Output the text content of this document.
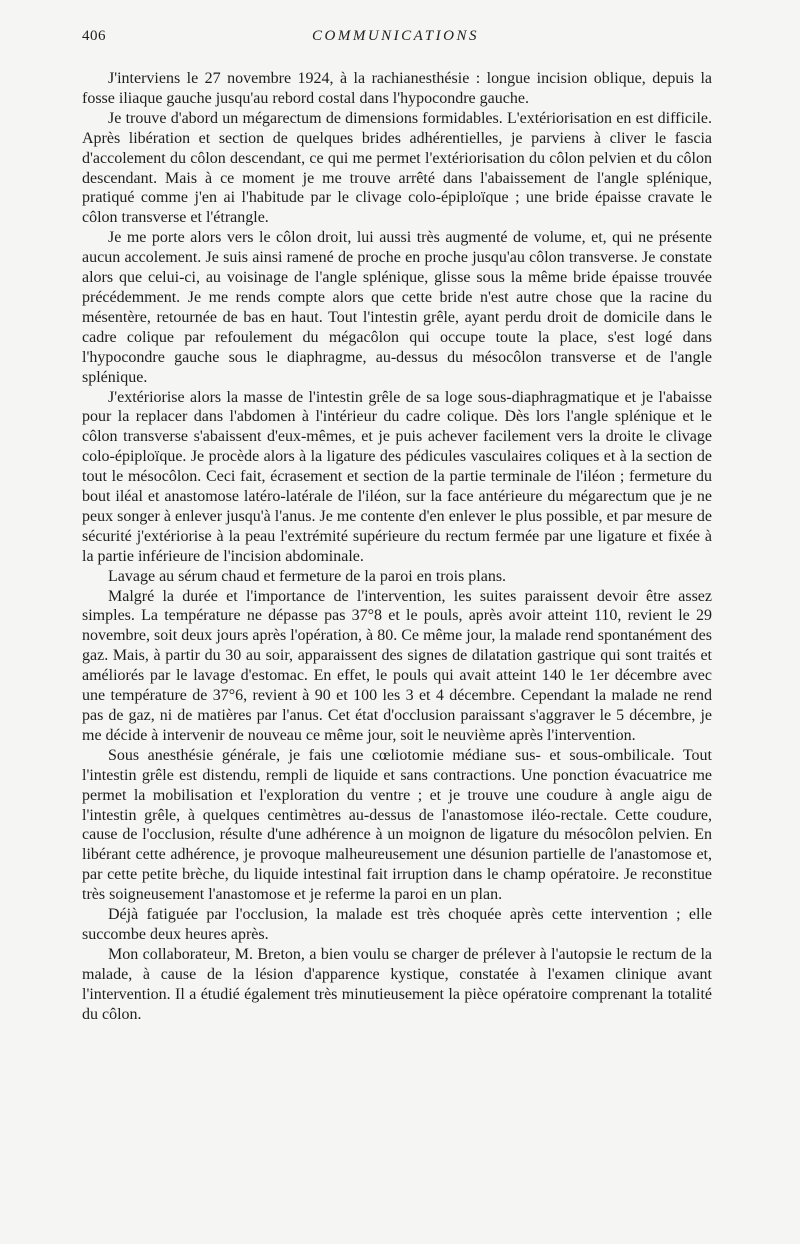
406	COMMUNICATIONS

J'interviens le 27 novembre 1924, à la rachianesthésie : longue incision oblique, depuis la fosse iliaque gauche jusqu'au rebord costal dans l'hypocondre gauche.

Je trouve d'abord un mégarectum de dimensions formidables. L'extériorisation en est difficile. Après libération et section de quelques brides adhérentielles, je parviens à cliver le fascia d'accolement du côlon descendant, ce qui me permet l'extériorisation du côlon pelvien et du côlon descendant. Mais à ce moment je me trouve arrêté dans l'abaissement de l'angle splénique, pratiqué comme j'en ai l'habitude par le clivage colo-épiploïque ; une bride épaisse cravate le côlon transverse et l'étrangle.

Je me porte alors vers le côlon droit, lui aussi très augmenté de volume, et, qui ne présente aucun accolement. Je suis ainsi ramené de proche en proche jusqu'au côlon transverse. Je constate alors que celui-ci, au voisinage de l'angle splénique, glisse sous la même bride épaisse trouvée précédemment. Je me rends compte alors que cette bride n'est autre chose que la racine du mésentère, retournée de bas en haut. Tout l'intestin grêle, ayant perdu droit de domicile dans le cadre colique par refoulement du mégacôlon qui occupe toute la place, s'est logé dans l'hypocondre gauche sous le diaphragme, au-dessus du mésocôlon transverse et de l'angle splénique.

J'extériorise alors la masse de l'intestin grêle de sa loge sous-diaphragmatique et je l'abaisse pour la replacer dans l'abdomen à l'intérieur du cadre colique. Dès lors l'angle splénique et le côlon transverse s'abaissent d'eux-mêmes, et je puis achever facilement vers la droite le clivage colo-épiploïque. Je procède alors à la ligature des pédicules vasculaires coliques et à la section de tout le mésocôlon. Ceci fait, écrasement et section de la partie terminale de l'iléon ; fermeture du bout iléal et anastomose latéro-latérale de l'iléon, sur la face antérieure du mégarectum que je ne peux songer à enlever jusqu'à l'anus. Je me contente d'en enlever le plus possible, et par mesure de sécurité j'extériorise à la peau l'extrémité supérieure du rectum fermée par une ligature et fixée à la partie inférieure de l'incision abdominale.

Lavage au sérum chaud et fermeture de la paroi en trois plans.

Malgré la durée et l'importance de l'intervention, les suites paraissent devoir être assez simples. La température ne dépasse pas 37°8 et le pouls, après avoir atteint 110, revient le 29 novembre, soit deux jours après l'opération, à 80. Ce même jour, la malade rend spontanément des gaz. Mais, à partir du 30 au soir, apparaissent des signes de dilatation gastrique qui sont traités et améliorés par le lavage d'estomac. En effet, le pouls qui avait atteint 140 le 1er décembre avec une température de 37°6, revient à 90 et 100 les 3 et 4 décembre. Cependant la malade ne rend pas de gaz, ni de matières par l'anus. Cet état d'occlusion paraissant s'aggraver le 5 décembre, je me décide à intervenir de nouveau ce même jour, soit le neuvième après l'intervention.

Sous anesthésie générale, je fais une cœliotomie médiane sus- et sous-ombilicale. Tout l'intestin grêle est distendu, rempli de liquide et sans contractions. Une ponction évacuatrice me permet la mobilisation et l'exploration du ventre ; et je trouve une coudure à angle aigu de l'intestin grêle, à quelques centimètres au-dessus de l'anastomose iléo-rectale. Cette coudure, cause de l'occlusion, résulte d'une adhérence à un moignon de ligature du mésocôlon pelvien. En libérant cette adhérence, je provoque malheureusement une désunion partielle de l'anastomose et, par cette petite brèche, du liquide intestinal fait irruption dans le champ opératoire. Je reconstitue très soigneusement l'anastomose et je referme la paroi en un plan.

Déjà fatiguée par l'occlusion, la malade est très choquée après cette intervention ; elle succombe deux heures après.

Mon collaborateur, M. Breton, a bien voulu se charger de prélever à l'autopsie le rectum de la malade, à cause de la lésion d'apparence kystique, constatée à l'examen clinique avant l'intervention. Il a étudié également très minutieusement la pièce opératoire comprenant la totalité du côlon.
